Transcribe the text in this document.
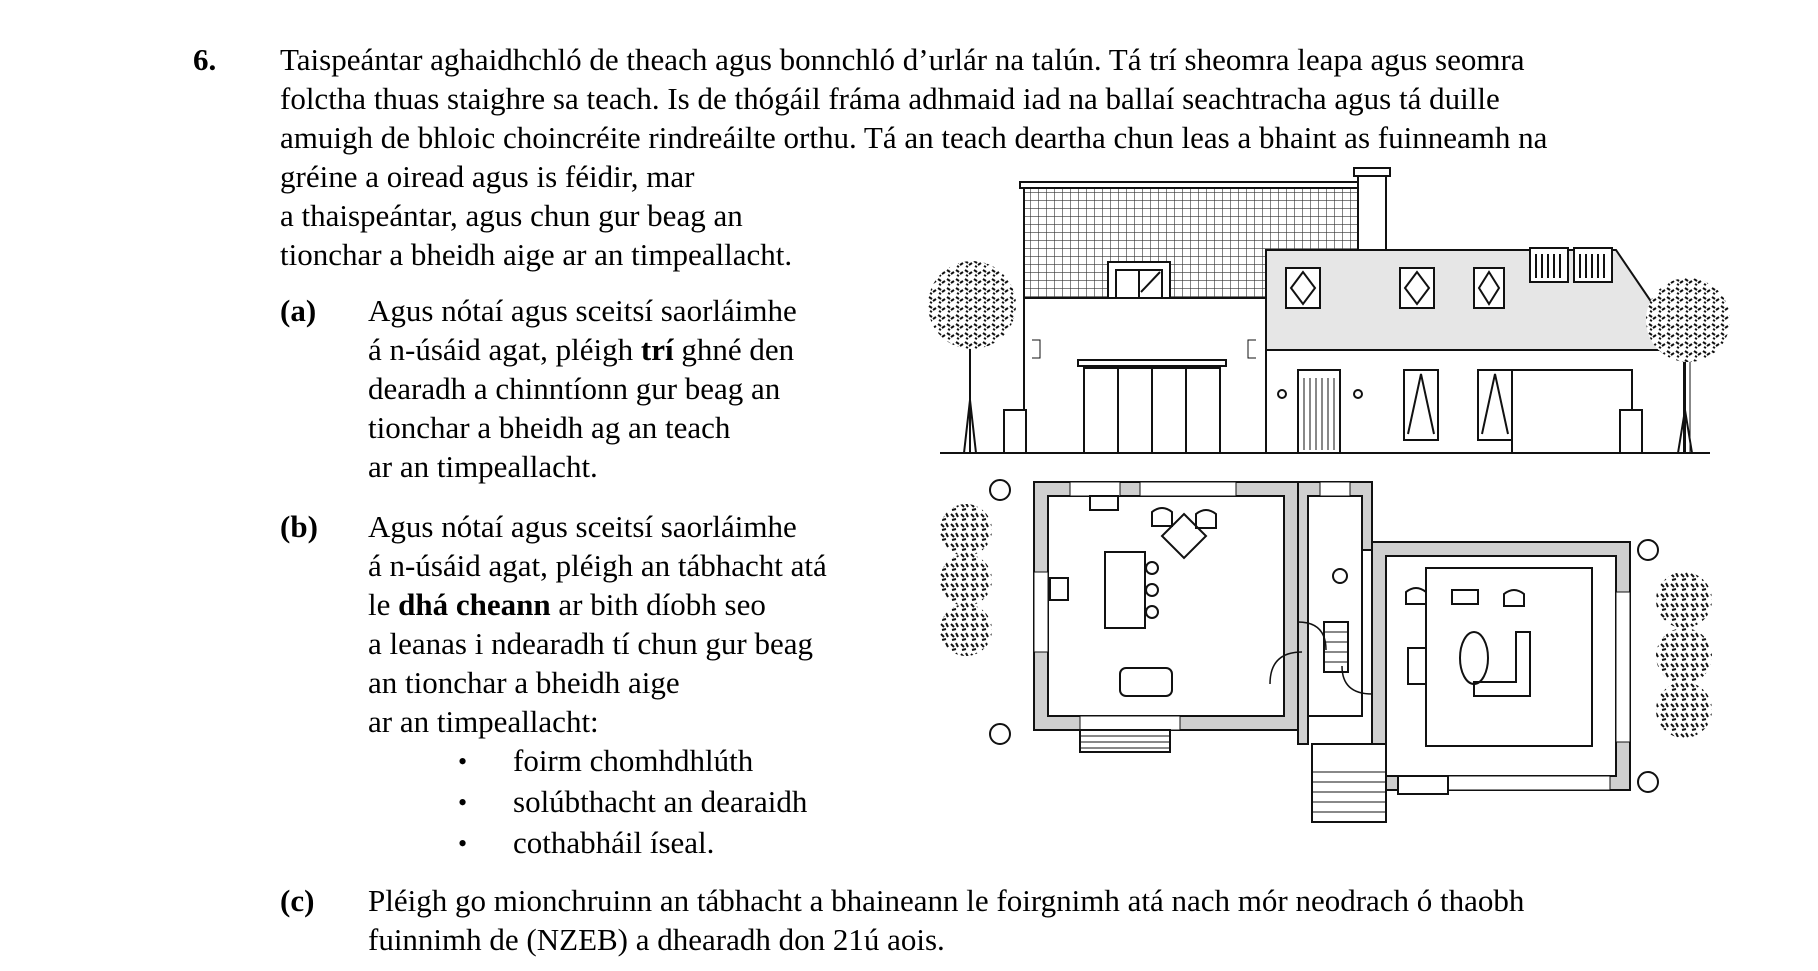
6. Taispeántar aghaidhchló de theach agus bonnchló d’urlár na talún. Tá trí sheomra leapa agus seomra
folctha thuas staighre sa teach. Is de thógáil fráma adhmaid iad na ballaí seachtracha agus tá duille
amuigh de bhloic choincréite rindreáilte orthu. Tá an teach deartha chun leas a bhaint as fuinneamh na
gréine a oiread agus is féidir, mar
a thaispeántar, agus chun gur beag an
tionchar a bheidh aige ar an timpeallacht.
(a) Agus nótaí agus sceitsí saorláimhe
á n-úsáid agat, pléigh trí ghné den
dearadh a chinntíonn gur beag an
tionchar a bheidh ag an teach
ar an timpeallacht.
(b) Agus nótaí agus sceitsí saorláimhe
á n-úsáid agat, pléigh an tábhacht atá
le dhá cheann ar bith díobh seo
a leanas i ndearadh tí chun gur beag
an tionchar a bheidh aige
ar an timpeallacht:
• foirm chomhdhlúth
• solúbthacht an dearaidh
• cothabháil íseal.
(c) Pléigh go mionchruinn an tábhacht a bhaineann le foirgnimh atá nach mór neodrach ó thaobh
fuinnimh de (NZEB) a dhearadh don 21ú aois.
